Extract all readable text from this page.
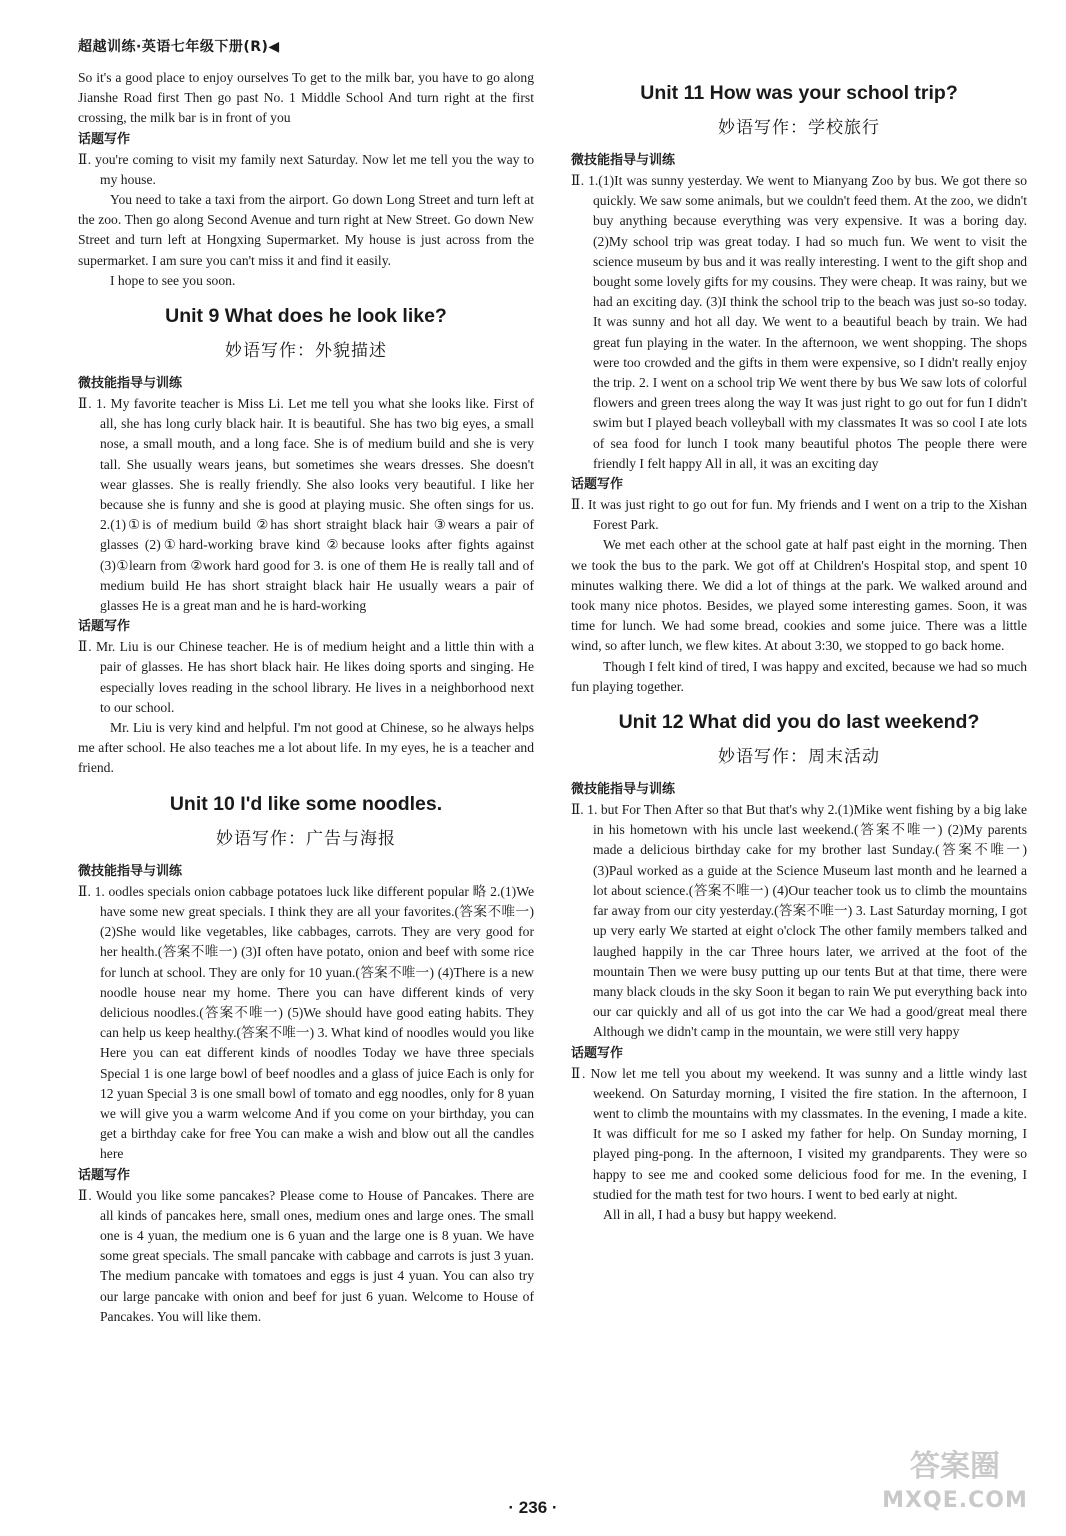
超越训练·英语七年级下册(R)◀

So it's a good place to enjoy ourselves To get to the milk bar, you have to go along Jianshe Road first Then go past No. 1 Middle School And turn right at the first crossing, the milk bar is in front of you

话题写作

Ⅱ. you're coming to visit my family next Saturday. Now let me tell you the way to my house.

You need to take a taxi from the airport. Go down Long Street and turn left at the zoo. Then go along Second Avenue and turn right at New Street. Go down New Street and turn left at Hongxing Supermarket. My house is just across from the supermarket. I am sure you can't miss it and find it easily.

I hope to see you soon.

Unit 9 What does he look like?
妙语写作：外貌描述
微技能指导与训练

Ⅱ. 1. My favorite teacher is Miss Li. Let me tell you what she looks like. First of all, she has long curly black hair. It is beautiful. She has two big eyes, a small nose, a small mouth, and a long face. She is of medium build and she is very tall. She usually wears jeans, but sometimes she wears dresses. She doesn't wear glasses. She is really friendly. She also looks very beautiful. I like her because she is funny and she is good at playing music. She often sings for us. 2.(1)①is of medium build ②has short straight black hair ③wears a pair of glasses (2)①hard-working brave kind ②because looks after fights against (3)①learn from ②work hard good for 3. is one of them He is really tall and of medium build He has short straight black hair He usually wears a pair of glasses He is a great man and he is hard-working

话题写作

Ⅱ. Mr. Liu is our Chinese teacher. He is of medium height and a little thin with a pair of glasses. He has short black hair. He likes doing sports and singing. He especially loves reading in the school library. He lives in a neighborhood next to our school.

Mr. Liu is very kind and helpful. I'm not good at Chinese, so he always helps me after school. He also teaches me a lot about life. In my eyes, he is a teacher and friend.

Unit 10 I'd like some noodles.
妙语写作：广告与海报
微技能指导与训练

Ⅱ. 1. oodles specials onion cabbage potatoes luck like different popular 略 2.(1)We have some new great specials. I think they are all your favorites.(答案不唯一) (2)She would like vegetables, like cabbages, carrots. They are very good for her health.(答案不唯一) (3)I often have potato, onion and beef with some rice for lunch at school. They are only for 10 yuan.(答案不唯一) (4)There is a new noodle house near my home. There you can have different kinds of very delicious noodles.(答案不唯一) (5)We should have good eating habits. They can help us keep healthy.(答案不唯一) 3. What kind of noodles would you like Here you can eat different kinds of noodles Today we have three specials Special 1 is one large bowl of beef noodles and a glass of juice Each is only for 12 yuan Special 3 is one small bowl of tomato and egg noodles, only for 8 yuan we will give you a warm welcome And if you come on your birthday, you can get a birthday cake for free You can make a wish and blow out all the candles here

话题写作

Ⅱ. Would you like some pancakes? Please come to House of Pancakes. There are all kinds of pancakes here, small ones, medium ones and large ones. The small one is 4 yuan, the medium one is 6 yuan and the large one is 8 yuan. We have some great specials. The small pancake with cabbage and carrots is just 3 yuan. The medium pancake with tomatoes and eggs is just 4 yuan. You can also try our large pancake with onion and beef for just 6 yuan. Welcome to House of Pancakes. You will like them.

Unit 11 How was your school trip?
妙语写作：学校旅行
微技能指导与训练

Ⅱ. 1.(1)It was sunny yesterday. We went to Mianyang Zoo by bus. We got there so quickly. We saw some animals, but we couldn't feed them. At the zoo, we didn't buy anything because everything was very expensive. It was a boring day. (2)My school trip was great today. I had so much fun. We went to visit the science museum by bus and it was really interesting. I went to the gift shop and bought some lovely gifts for my cousins. They were cheap. It was rainy, but we had an exciting day. (3)I think the school trip to the beach was just so-so today. It was sunny and hot all day. We went to a beautiful beach by train. We had great fun playing in the water. In the afternoon, we went shopping. The shops were too crowded and the gifts in them were expensive, so I didn't really enjoy the trip. 2. I went on a school trip We went there by bus We saw lots of colorful flowers and green trees along the way It was just right to go out for fun I didn't swim but I played beach volleyball with my classmates It was so cool I ate lots of sea food for lunch I took many beautiful photos The people there were friendly I felt happy All in all, it was an exciting day

话题写作

Ⅱ. It was just right to go out for fun. My friends and I went on a trip to the Xishan Forest Park.

We met each other at the school gate at half past eight in the morning. Then we took the bus to the park. We got off at Children's Hospital stop, and spent 10 minutes walking there. We did a lot of things at the park. We walked around and took many nice photos. Besides, we played some interesting games. Soon, it was time for lunch. We had some bread, cookies and some juice. There was a little wind, so after lunch, we flew kites. At about 3:30, we stopped to go back home.

Though I felt kind of tired, I was happy and excited, because we had so much fun playing together.

Unit 12 What did you do last weekend?
妙语写作：周末活动
微技能指导与训练

Ⅱ. 1. but For Then After so that But that's why 2.(1)Mike went fishing by a big lake in his hometown with his uncle last weekend.(答案不唯一) (2)My parents made a delicious birthday cake for my brother last Sunday.(答案不唯一) (3)Paul worked as a guide at the Science Museum last month and he learned a lot about science.(答案不唯一) (4)Our teacher took us to climb the mountains far away from our city yesterday.(答案不唯一) 3. Last Saturday morning, I got up very early We started at eight o'clock The other family members talked and laughed happily in the car Three hours later, we arrived at the foot of the mountain Then we were busy putting up our tents But at that time, there were many black clouds in the sky Soon it began to rain We put everything back into our car quickly and all of us got into the car We had a good/great meal there Although we didn't camp in the mountain, we were still very happy

话题写作

Ⅱ. Now let me tell you about my weekend. It was sunny and a little windy last weekend. On Saturday morning, I visited the fire station. In the afternoon, I went to climb the mountains with my classmates. In the evening, I made a kite. It was difficult for me so I asked my father for help. On Sunday morning, I played ping-pong. In the afternoon, I visited my grandparents. They were so happy to see me and cooked some delicious food for me. In the evening, I studied for the math test for two hours. I went to bed early at night.

All in all, I had a busy but happy weekend.

· 236 ·
答案圈
MXQE.COM
